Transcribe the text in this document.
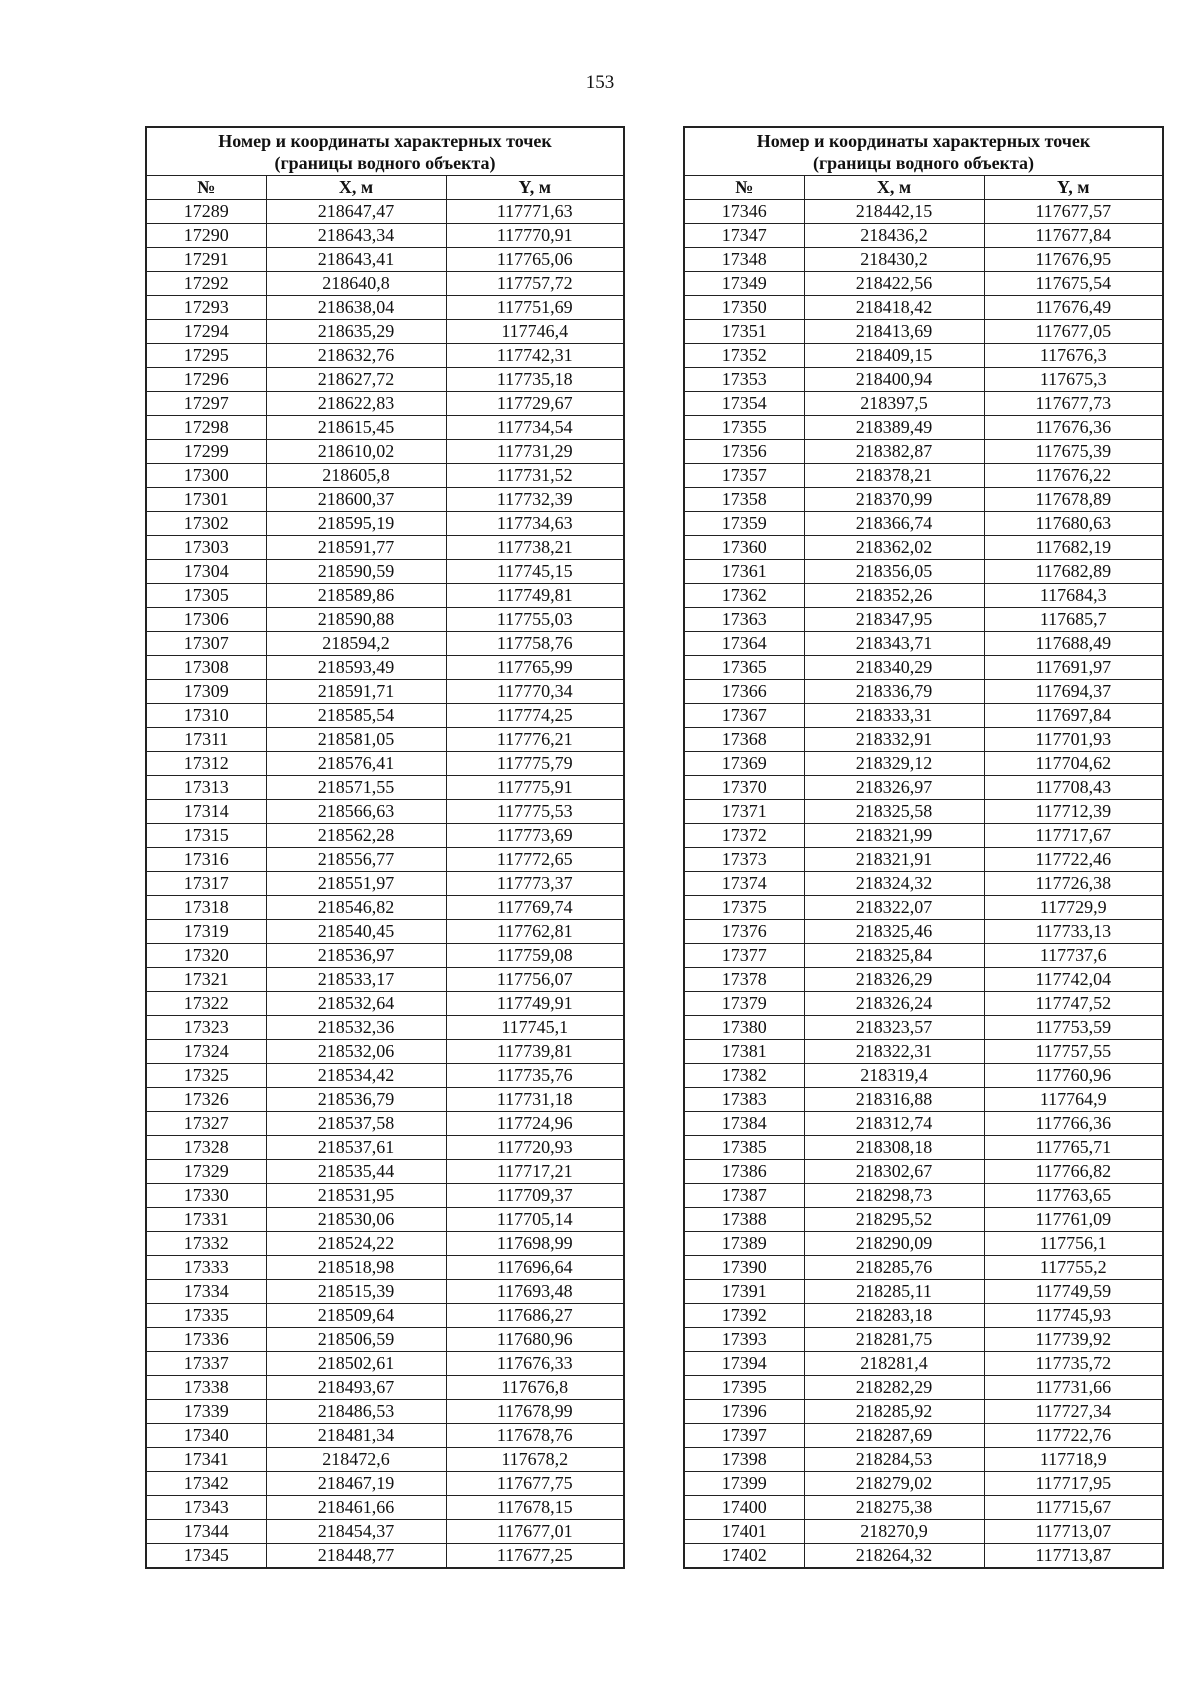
153
Номер и координаты характерных точек
(границы водного объекта)		
№	X, м	Y, м
17289	218647,47	117771,63
17290	218643,34	117770,91
17291	218643,41	117765,06
17292	218640,8	117757,72
17293	218638,04	117751,69
17294	218635,29	117746,4
17295	218632,76	117742,31
17296	218627,72	117735,18
17297	218622,83	117729,67
17298	218615,45	117734,54
17299	218610,02	117731,29
17300	218605,8	117731,52
17301	218600,37	117732,39
17302	218595,19	117734,63
17303	218591,77	117738,21
17304	218590,59	117745,15
17305	218589,86	117749,81
17306	218590,88	117755,03
17307	218594,2	117758,76
17308	218593,49	117765,99
17309	218591,71	117770,34
17310	218585,54	117774,25
17311	218581,05	117776,21
17312	218576,41	117775,79
17313	218571,55	117775,91
17314	218566,63	117775,53
17315	218562,28	117773,69
17316	218556,77	117772,65
17317	218551,97	117773,37
17318	218546,82	117769,74
17319	218540,45	117762,81
17320	218536,97	117759,08
17321	218533,17	117756,07
17322	218532,64	117749,91
17323	218532,36	117745,1
17324	218532,06	117739,81
17325	218534,42	117735,76
17326	218536,79	117731,18
17327	218537,58	117724,96
17328	218537,61	117720,93
17329	218535,44	117717,21
17330	218531,95	117709,37
17331	218530,06	117705,14
17332	218524,22	117698,99
17333	218518,98	117696,64
17334	218515,39	117693,48
17335	218509,64	117686,27
17336	218506,59	117680,96
17337	218502,61	117676,33
17338	218493,67	117676,8
17339	218486,53	117678,99
17340	218481,34	117678,76
17341	218472,6	117678,2
17342	218467,19	117677,75
17343	218461,66	117678,15
17344	218454,37	117677,01
17345	218448,77	117677,25
Номер и координаты характерных точек
(границы водного объекта)		
№	X, м	Y, м
17346	218442,15	117677,57
17347	218436,2	117677,84
17348	218430,2	117676,95
17349	218422,56	117675,54
17350	218418,42	117676,49
17351	218413,69	117677,05
17352	218409,15	117676,3
17353	218400,94	117675,3
17354	218397,5	117677,73
17355	218389,49	117676,36
17356	218382,87	117675,39
17357	218378,21	117676,22
17358	218370,99	117678,89
17359	218366,74	117680,63
17360	218362,02	117682,19
17361	218356,05	117682,89
17362	218352,26	117684,3
17363	218347,95	117685,7
17364	218343,71	117688,49
17365	218340,29	117691,97
17366	218336,79	117694,37
17367	218333,31	117697,84
17368	218332,91	117701,93
17369	218329,12	117704,62
17370	218326,97	117708,43
17371	218325,58	117712,39
17372	218321,99	117717,67
17373	218321,91	117722,46
17374	218324,32	117726,38
17375	218322,07	117729,9
17376	218325,46	117733,13
17377	218325,84	117737,6
17378	218326,29	117742,04
17379	218326,24	117747,52
17380	218323,57	117753,59
17381	218322,31	117757,55
17382	218319,4	117760,96
17383	218316,88	117764,9
17384	218312,74	117766,36
17385	218308,18	117765,71
17386	218302,67	117766,82
17387	218298,73	117763,65
17388	218295,52	117761,09
17389	218290,09	117756,1
17390	218285,76	117755,2
17391	218285,11	117749,59
17392	218283,18	117745,93
17393	218281,75	117739,92
17394	218281,4	117735,72
17395	218282,29	117731,66
17396	218285,92	117727,34
17397	218287,69	117722,76
17398	218284,53	117718,9
17399	218279,02	117717,95
17400	218275,38	117715,67
17401	218270,9	117713,07
17402	218264,32	117713,87
